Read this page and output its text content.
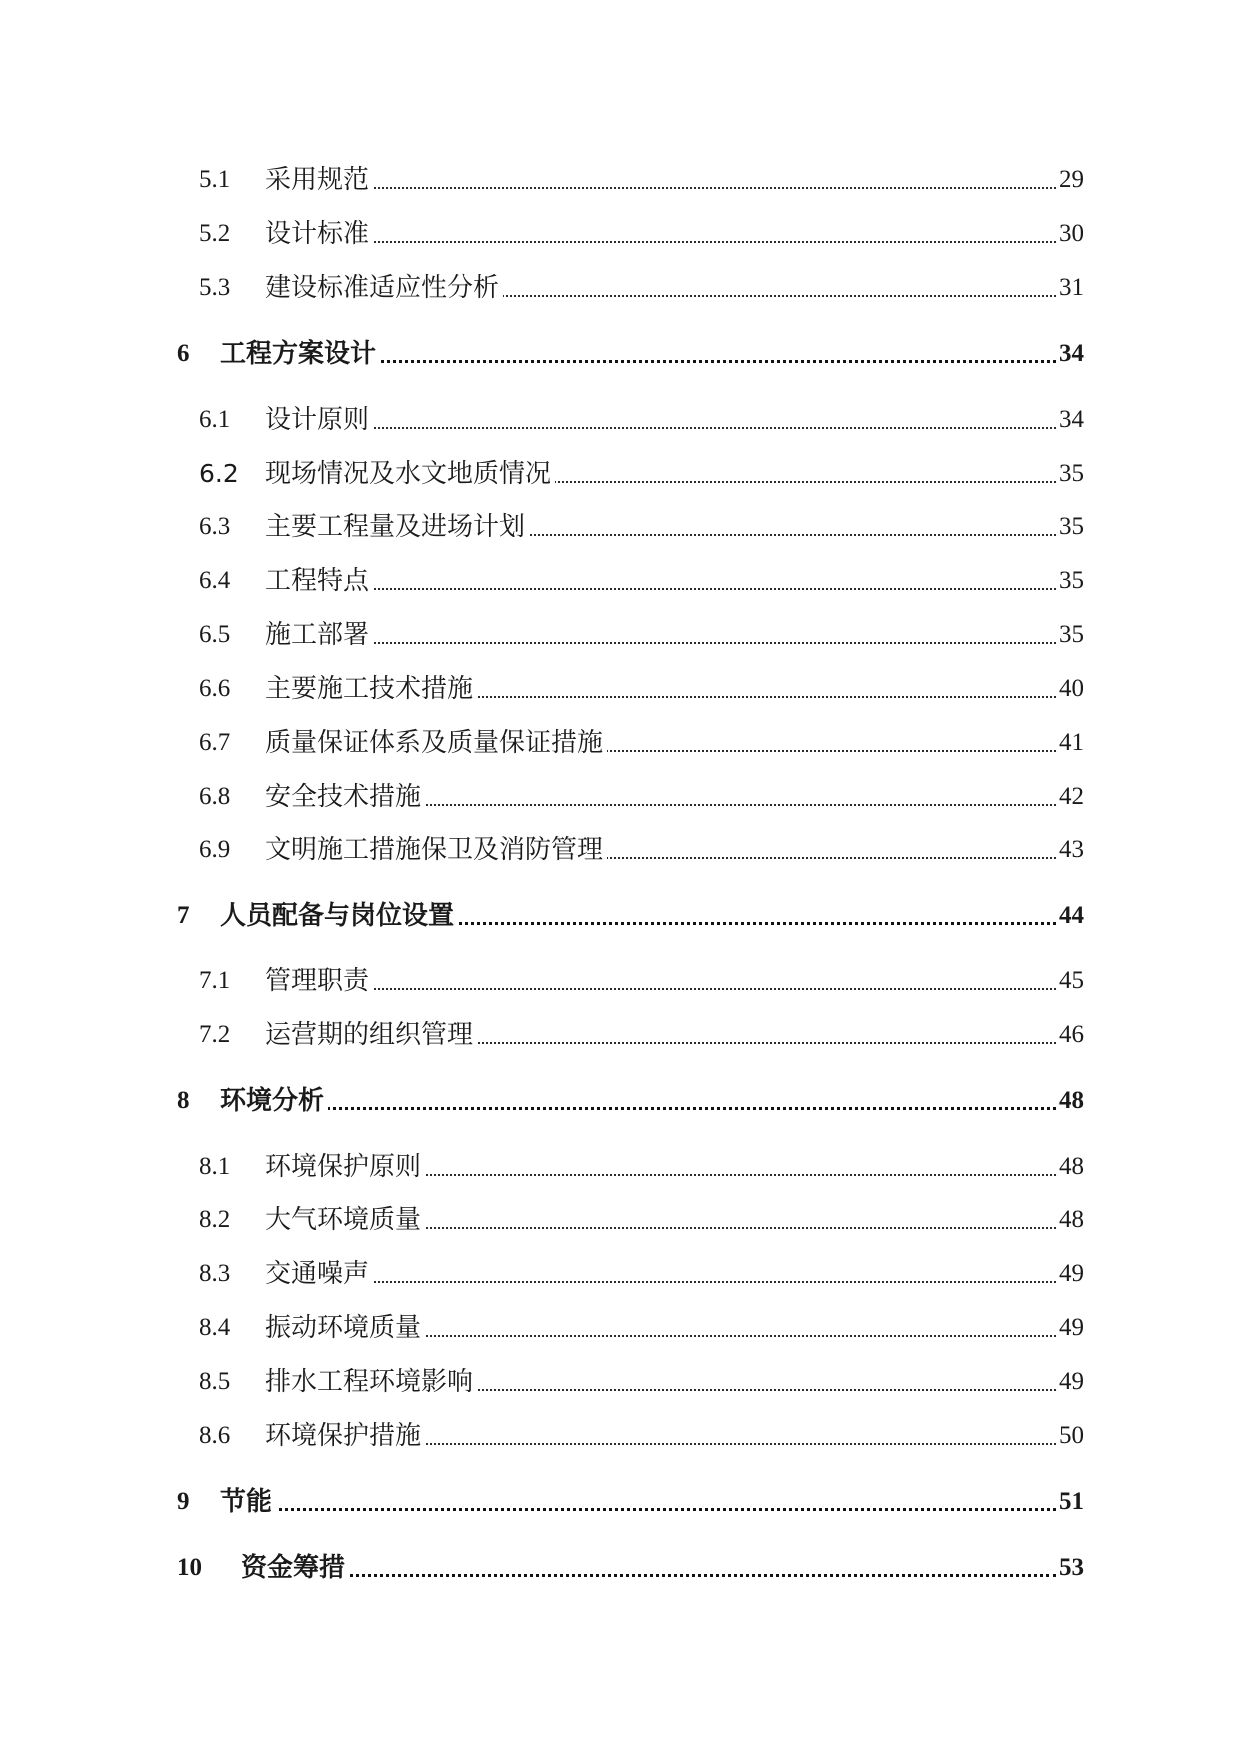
5.1 采用规范	29
5.2 设计标准	30
5.3 建设标准适应性分析	31
6 工程方案设计	34
6.1 设计原则	34
6.2 现场情况及水文地质情况	35
6.3 主要工程量及进场计划	35
6.4 工程特点	35
6.5 施工部署	35
6.6 主要施工技术措施	40
6.7 质量保证体系及质量保证措施	41
6.8 安全技术措施	42
6.9 文明施工措施保卫及消防管理	43
7 人员配备与岗位设置	44
7.1 管理职责	45
7.2 运营期的组织管理	46
8 环境分析	48
8.1 环境保护原则	48
8.2 大气环境质量	48
8.3 交通噪声	49
8.4 振动环境质量	49
8.5 排水工程环境影响	49
8.6 环境保护措施	50
9 节能	51
10 资金筹措	53
